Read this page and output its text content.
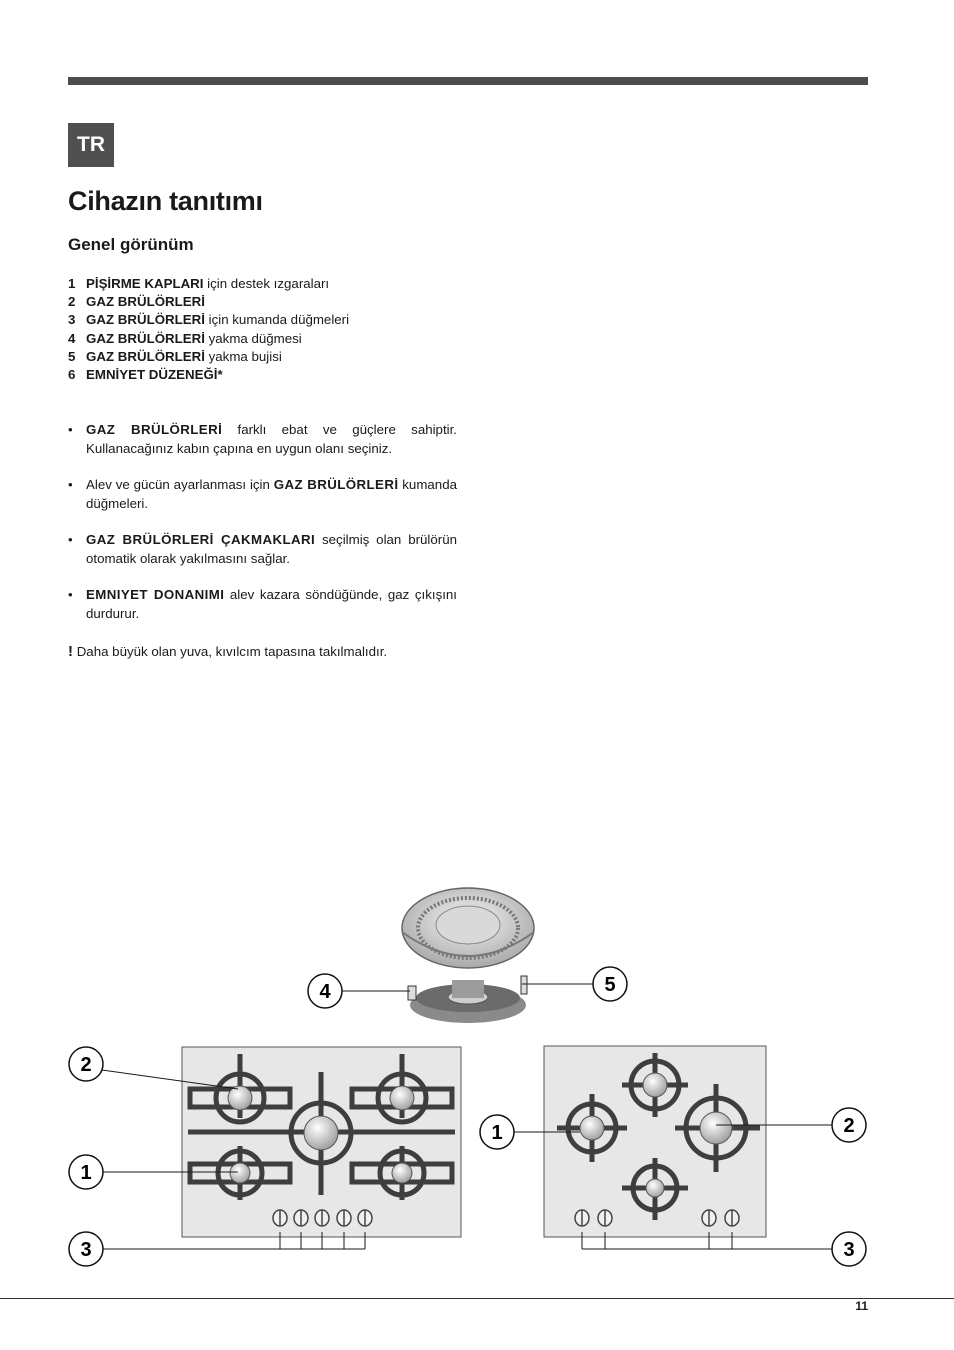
TR
Cihazın tanıtımı
Genel görünüm
1 PİŞİRME KAPLARI için destek ızgaraları
2 GAZ BRÜLÖRLERİ
3 GAZ BRÜLÖRLERİ için kumanda düğmeleri
4 GAZ BRÜLÖRLERİ yakma düğmesi
5 GAZ BRÜLÖRLERİ yakma bujisi
6 EMNİYET DÜZENEĞİ*
• GAZ BRÜLÖRLERİ farklı ebat ve güçlere sahiptir. Kullanacağınız kabın çapına en uygun olanı seçiniz.
• Alev ve gücün ayarlanması için GAZ BRÜLÖRLERİ kumanda düğmeleri.
• GAZ BRÜLÖRLERİ ÇAKMAKLARI seçilmiş olan brülörün otomatik olarak yakılmasını sağlar.
• EMNIYET DONANIMI alev kazara söndüğünde, gaz çıkışını durdurur.
! Daha büyük olan yuva, kıvılcım tapasına takılmalıdır.
4	5
2
1
3
1	2
3
11
